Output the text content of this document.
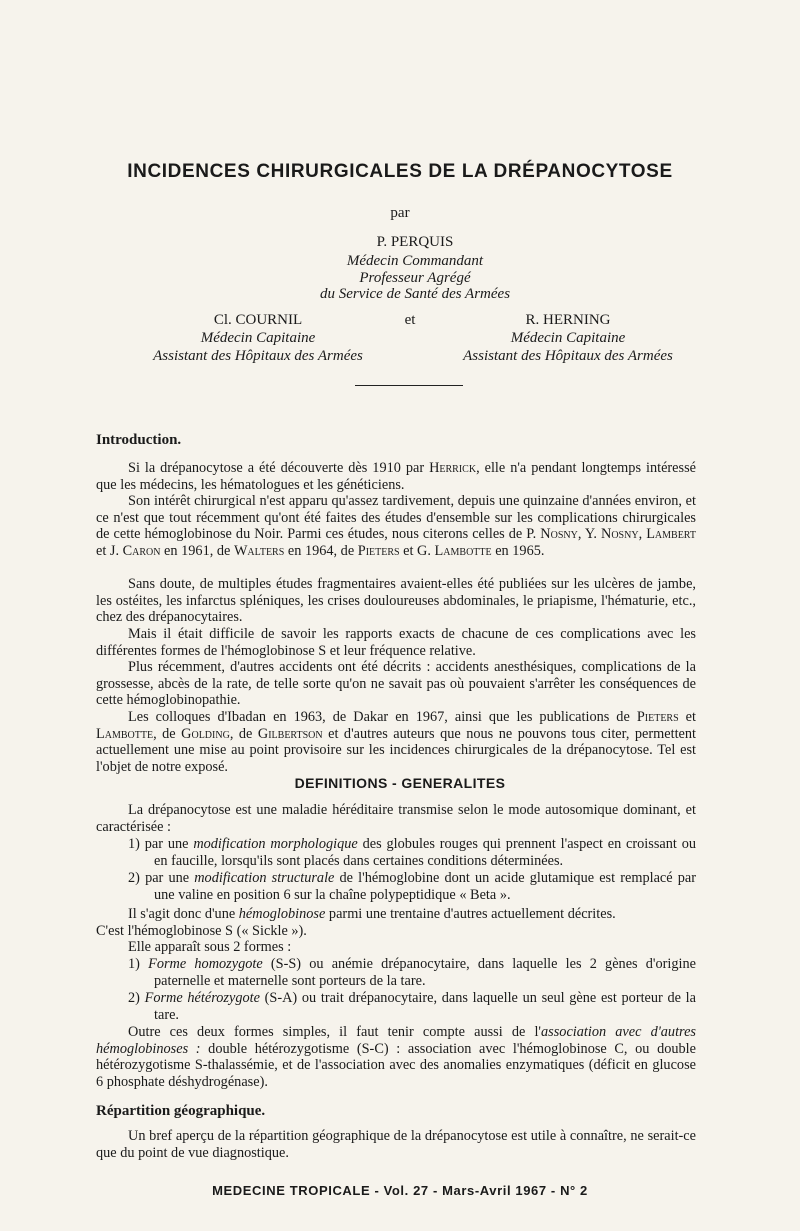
INCIDENCES CHIRURGICALES DE LA DRÉPANOCYTOSE
par
P. PERQUIS
Médecin Commandant
Professeur Agrégé
du Service de Santé des Armées
Cl. COURNIL
Médecin Capitaine
Assistant des Hôpitaux des Armées
et	R. HERNING
Médecin Capitaine
Assistant des Hôpitaux des Armées
Introduction.

Si la drépanocytose a été découverte dès 1910 par Herrick, elle n'a pendant longtemps intéressé que les médecins, les hématologues et les généticiens.

Son intérêt chirurgical n'est apparu qu'assez tardivement, depuis une quinzaine d'années environ, et ce n'est que tout récemment qu'ont été faites des études d'ensemble sur les complications chirurgicales de cette hémoglobinose du Noir. Parmi ces études, nous citerons celles de P. Nosny, Y. Nosny, Lambert et J. Caron en 1961, de Walters en 1964, de Pieters et G. Lambotte en 1965.

Sans doute, de multiples études fragmentaires avaient-elles été publiées sur les ulcères de jambe, les ostéites, les infarctus spléniques, les crises douloureuses abdominales, le priapisme, l'hématurie, etc., chez des drépanocytaires.

Mais il était difficile de savoir les rapports exacts de chacune de ces complications avec les différentes formes de l'hémoglobinose S et leur fréquence relative.

Plus récemment, d'autres accidents ont été décrits : accidents anesthésiques, complications de la grossesse, abcès de la rate, de telle sorte qu'on ne savait pas où pouvaient s'arrêter les conséquences de cette hémoglobinopathie.

Les colloques d'Ibadan en 1963, de Dakar en 1967, ainsi que les publications de Pieters et Lambotte, de Golding, de Gilbertson et d'autres auteurs que nous ne pouvons tous citer, permettent actuellement une mise au point provisoire sur les incidences chirurgicales de la drépanocytose. Tel est l'objet de notre exposé.

DEFINITIONS - GENERALITES

La drépanocytose est une maladie héréditaire transmise selon le mode autosomique dominant, et caractérisée :

1) par une modification morphologique des globules rouges qui prennent l'aspect en croissant ou en faucille, lorsqu'ils sont placés dans certaines conditions déterminées.

2) par une modification structurale de l'hémoglobine dont un acide glutamique est remplacé par une valine en position 6 sur la chaîne polypeptidique « Beta ».

Il s'agit donc d'une hémoglobinose parmi une trentaine d'autres actuellement décrites.
C'est l'hémoglobinose S (« Sickle »).

Elle apparaît sous 2 formes :

1) Forme homozygote (S-S) ou anémie drépanocytaire, dans laquelle les 2 gènes d'origine paternelle et maternelle sont porteurs de la tare.

2) Forme hétérozygote (S-A) ou trait drépanocytaire, dans laquelle un seul gène est porteur de la tare.

Outre ces deux formes simples, il faut tenir compte aussi de l'association avec d'autres hémoglobinoses : double hétérozygotisme (S-C) : association avec l'hémoglobinose C, ou double hétérozygotisme S-thalassémie, et de l'association avec des anomalies enzymatiques (déficit en glucose 6 phosphate déshydrogénase).

Répartition géographique.

Un bref aperçu de la répartition géographique de la drépanocytose est utile à connaître, ne serait-ce que du point de vue diagnostique.

MEDECINE TROPICALE - Vol. 27 - Mars-Avril 1967 - N° 2
